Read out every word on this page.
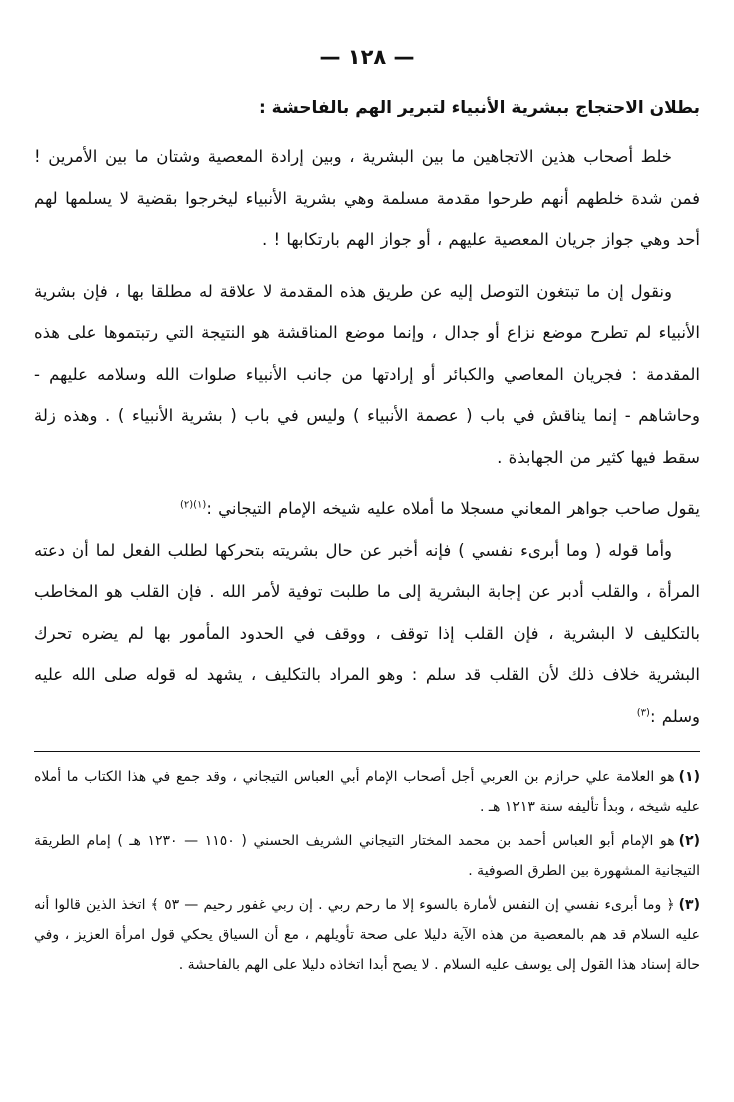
— ١٢٨ —
بطلان الاحتجاج ببشرية الأنبياء لتبرير الهم بالفاحشة :

خلط أصحاب هذين الاتجاهين ما بين البشرية ، وبين إرادة المعصية وشتان ما بين الأمرين ! فمن شدة خلطهم أنهم طرحوا مقدمة مسلمة وهي بشرية الأنبياء ليخرجوا بقضية لا يسلمها لهم أحد وهي جواز جريان المعصية عليهم ، أو جواز الهم بارتكابها ! .

ونقول إن ما تبتغون التوصل إليه عن طريق هذه المقدمة لا علاقة له مطلقا بها ، فإن بشرية الأنبياء لم تطرح موضع نزاع أو جدال ، وإنما موضع المناقشة هو النتيجة التي رتبتموها على هذه المقدمة : فجريان المعاصي والكبائر أو إرادتها من جانب الأنبياء صلوات الله وسلامه عليهم - وحاشاهم - إنما يناقش في باب ( عصمة الأنبياء ) وليس في باب ( بشرية الأنبياء ) . وهذه زلة سقط فيها كثير من الجهابذة .

يقول صاحب جواهر المعاني مسجلا ما أملاه عليه شيخه الإمام التيجاني :$^{(١)(٢)}$

وأما قوله ( وما أبرىء نفسي ) فإنه أخبر عن حال بشريته بتحركها لطلب الفعل لما أن دعته المرأة ، والقلب أدبر عن إجابة البشرية إلى ما طلبت توفية لأمر الله . فإن القلب هو المخاطب بالتكليف لا البشرية ، فإن القلب إذا توقف ، ووقف في الحدود المأمور بها لم يضره تحرك البشرية خلاف ذلك لأن القلب قد سلم : وهو المراد بالتكليف ، يشهد له قوله صلى الله عليه وسلم :$^{(٣)}$

(١)هو العلامة علي حرازم بن العربي أجل أصحاب الإمام أبي العباس التيجاني ، وقد جمع في هذا الكتاب ما أملاه عليه شيخه ، وبدأ تأليفه سنة ١٢١٣ هـ .

(٢)هو الإمام أبو العباس أحمد بن محمد المختار التيجاني الشريف الحسني ( ١١٥٠ — ١٢٣٠ هـ ) إمام الطريقة التيجانية المشهورة بين الطرق الصوفية .

(٣)﴿ وما أبرىء نفسي إن النفس لأمارة بالسوء إلا ما رحم ربي . إن ربي غفور رحيم — ٥٣ ﴾ اتخذ الذين قالوا أنه عليه السلام قد هم بالمعصية من هذه الآية دليلا على صحة تأويلهم ، مع أن السياق يحكي قول امرأة العزيز ، وفي حالة إسناد هذا القول إلى يوسف عليه السلام . لا يصح أبدا اتخاذه دليلا على الهم بالفاحشة .
